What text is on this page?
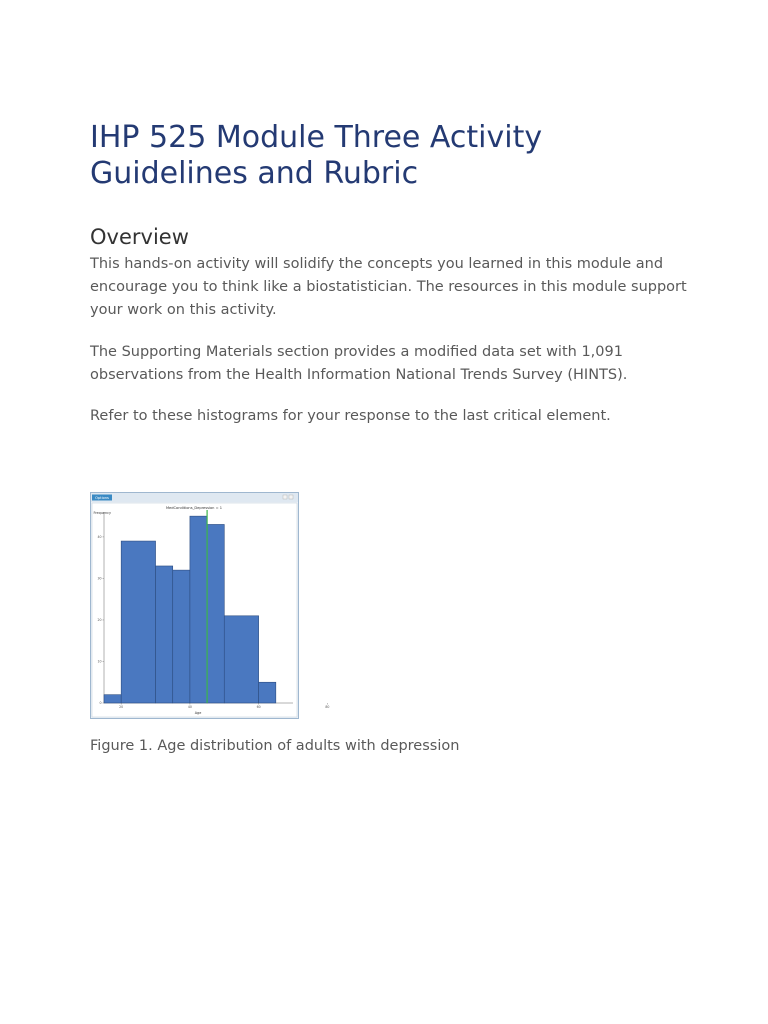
IHP 525 Module Three Activity Guidelines and Rubric
Overview

This hands-on activity will solidify the concepts you learned in this module and encourage you to think like a biostatistician. The resources in this module support your work on this activity.

The Supporting Materials section provides a modified data set with 1,091 observations from the Health Information National Trends Survey (HINTS).

Refer to these histograms for your response to the last critical element.

Options
MedConditions_Depression = 1
Frequency
Age
0
10
20
30
40
20	40	60	80

Figure 1. Age distribution of adults with depression
